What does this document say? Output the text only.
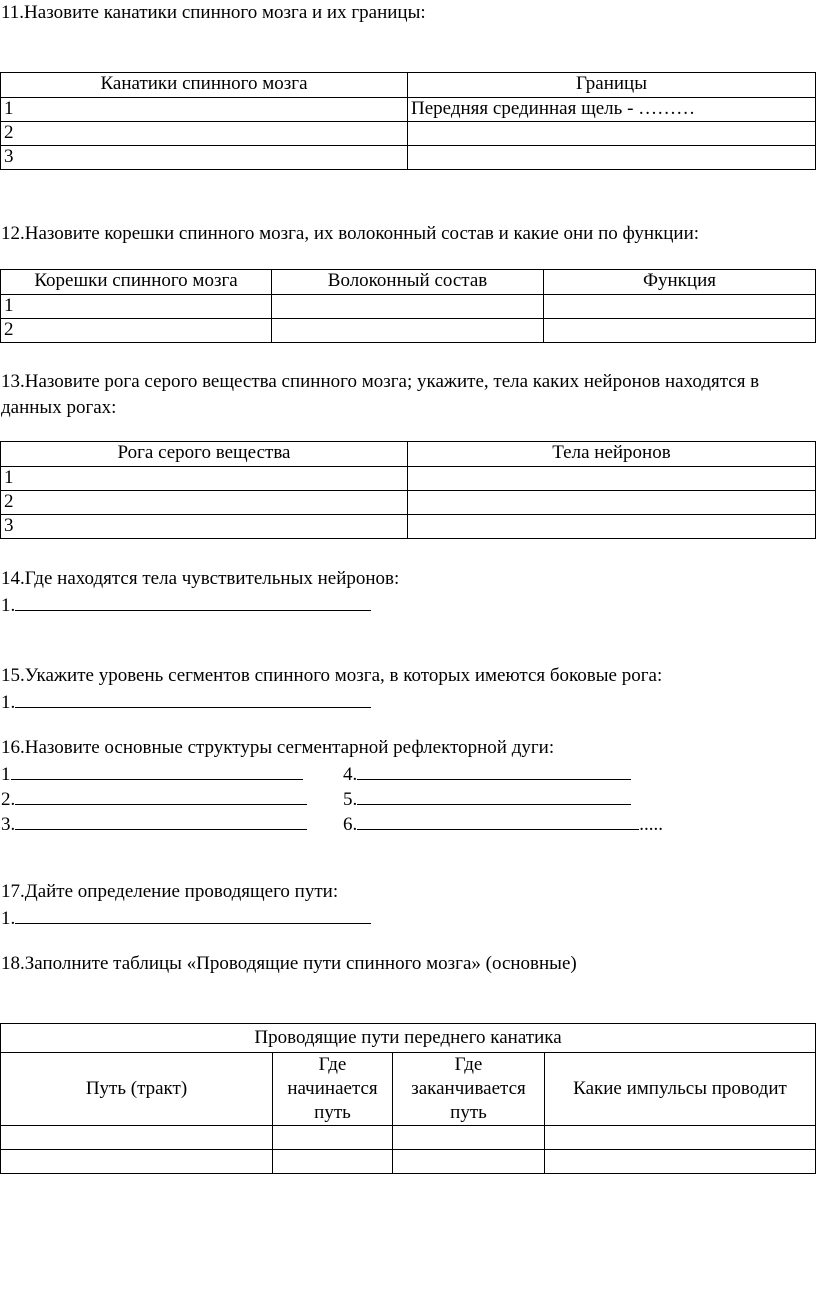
11.Назовите канатики спинного мозга и их границы:
Канатики спинного мозга	Границы
1	Передняя срединная щель - ………
2	
3	
12.Назовите корешки спинного мозга, их волоконный состав и какие они по функции:
Корешки спинного мозга	Волоконный состав	Функция
1		
2		
13.Назовите рога серого вещества спинного мозга; укажите, тела каких нейронов находятся в данных рогах:
Рога серого вещества	Тела нейронов
1	
2	
3	
14.Где находятся тела чувствительных нейронов:
1.
15.Укажите уровень сегментов спинного мозга, в которых имеются боковые рога:
1.
16.Назовите основные структуры сегментарной рефлекторной дуги:
1
2.
3.
4.
5.
6.	.....
17.Дайте определение проводящего пути:
1.
18.Заполните таблицы «Проводящие пути спинного мозга» (основные)
Проводящие пути переднего канатика			
Путь (тракт)	Где начинается путь	Где заканчивается путь	Какие импульсы проводит
